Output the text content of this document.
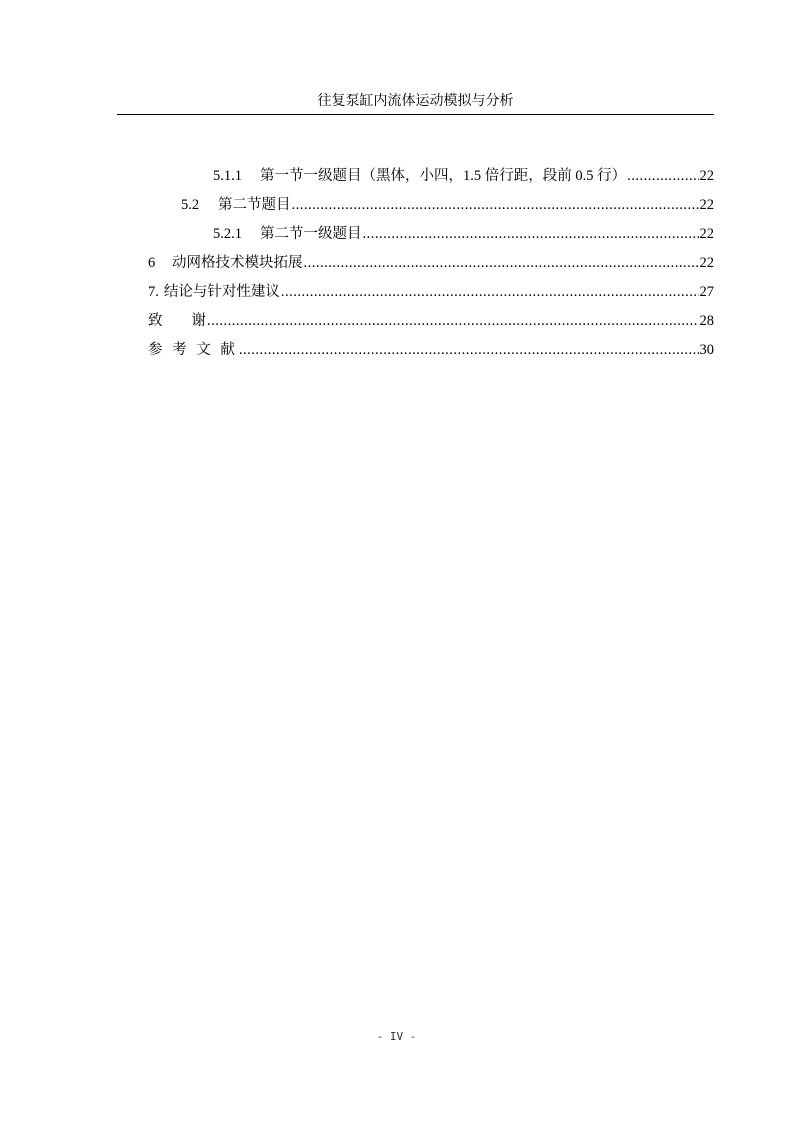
往复泵缸内流体运动模拟与分析
5.1.1	第一节一级题目（黑体，小四，1.5 倍行距，段前 0.5 行） .....	22
5.2	第二节题目 .....	22
5.2.1	第二节一级题目 .....	22
6	动网格技术模块拓展 .....	22
7. 结论与针对性建议 .....	27
致　　谢 .....	28
参 考 文 献 .....	30
- IV -
